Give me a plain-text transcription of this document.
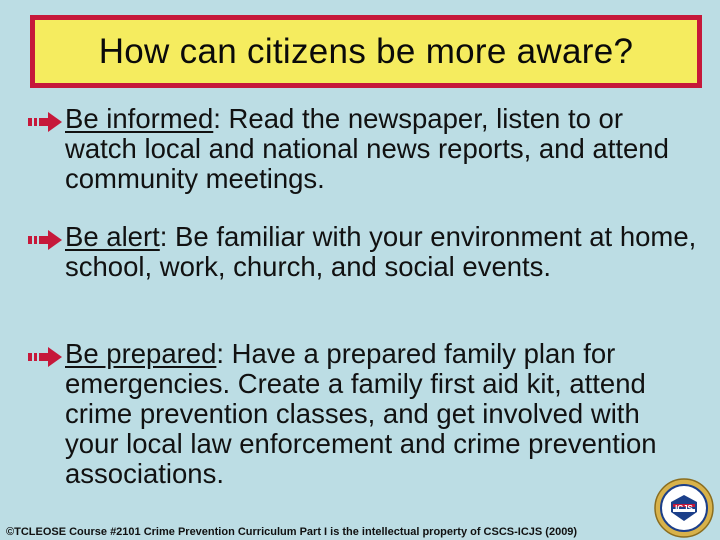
How can citizens be more aware?
Be informed: Read the newspaper, listen to or watch local and national news reports, and attend community meetings.
Be alert: Be familiar with your environment at home, school, work, church, and social events.
Be prepared: Have a prepared family plan for emergencies. Create a family first aid kit, attend crime prevention classes, and get involved with your local law enforcement and crime prevention associations.
©TCLEOSE Course #2101 Crime Prevention Curriculum Part I is the intellectual property of CSCS-ICJS (2009)
ICJS
